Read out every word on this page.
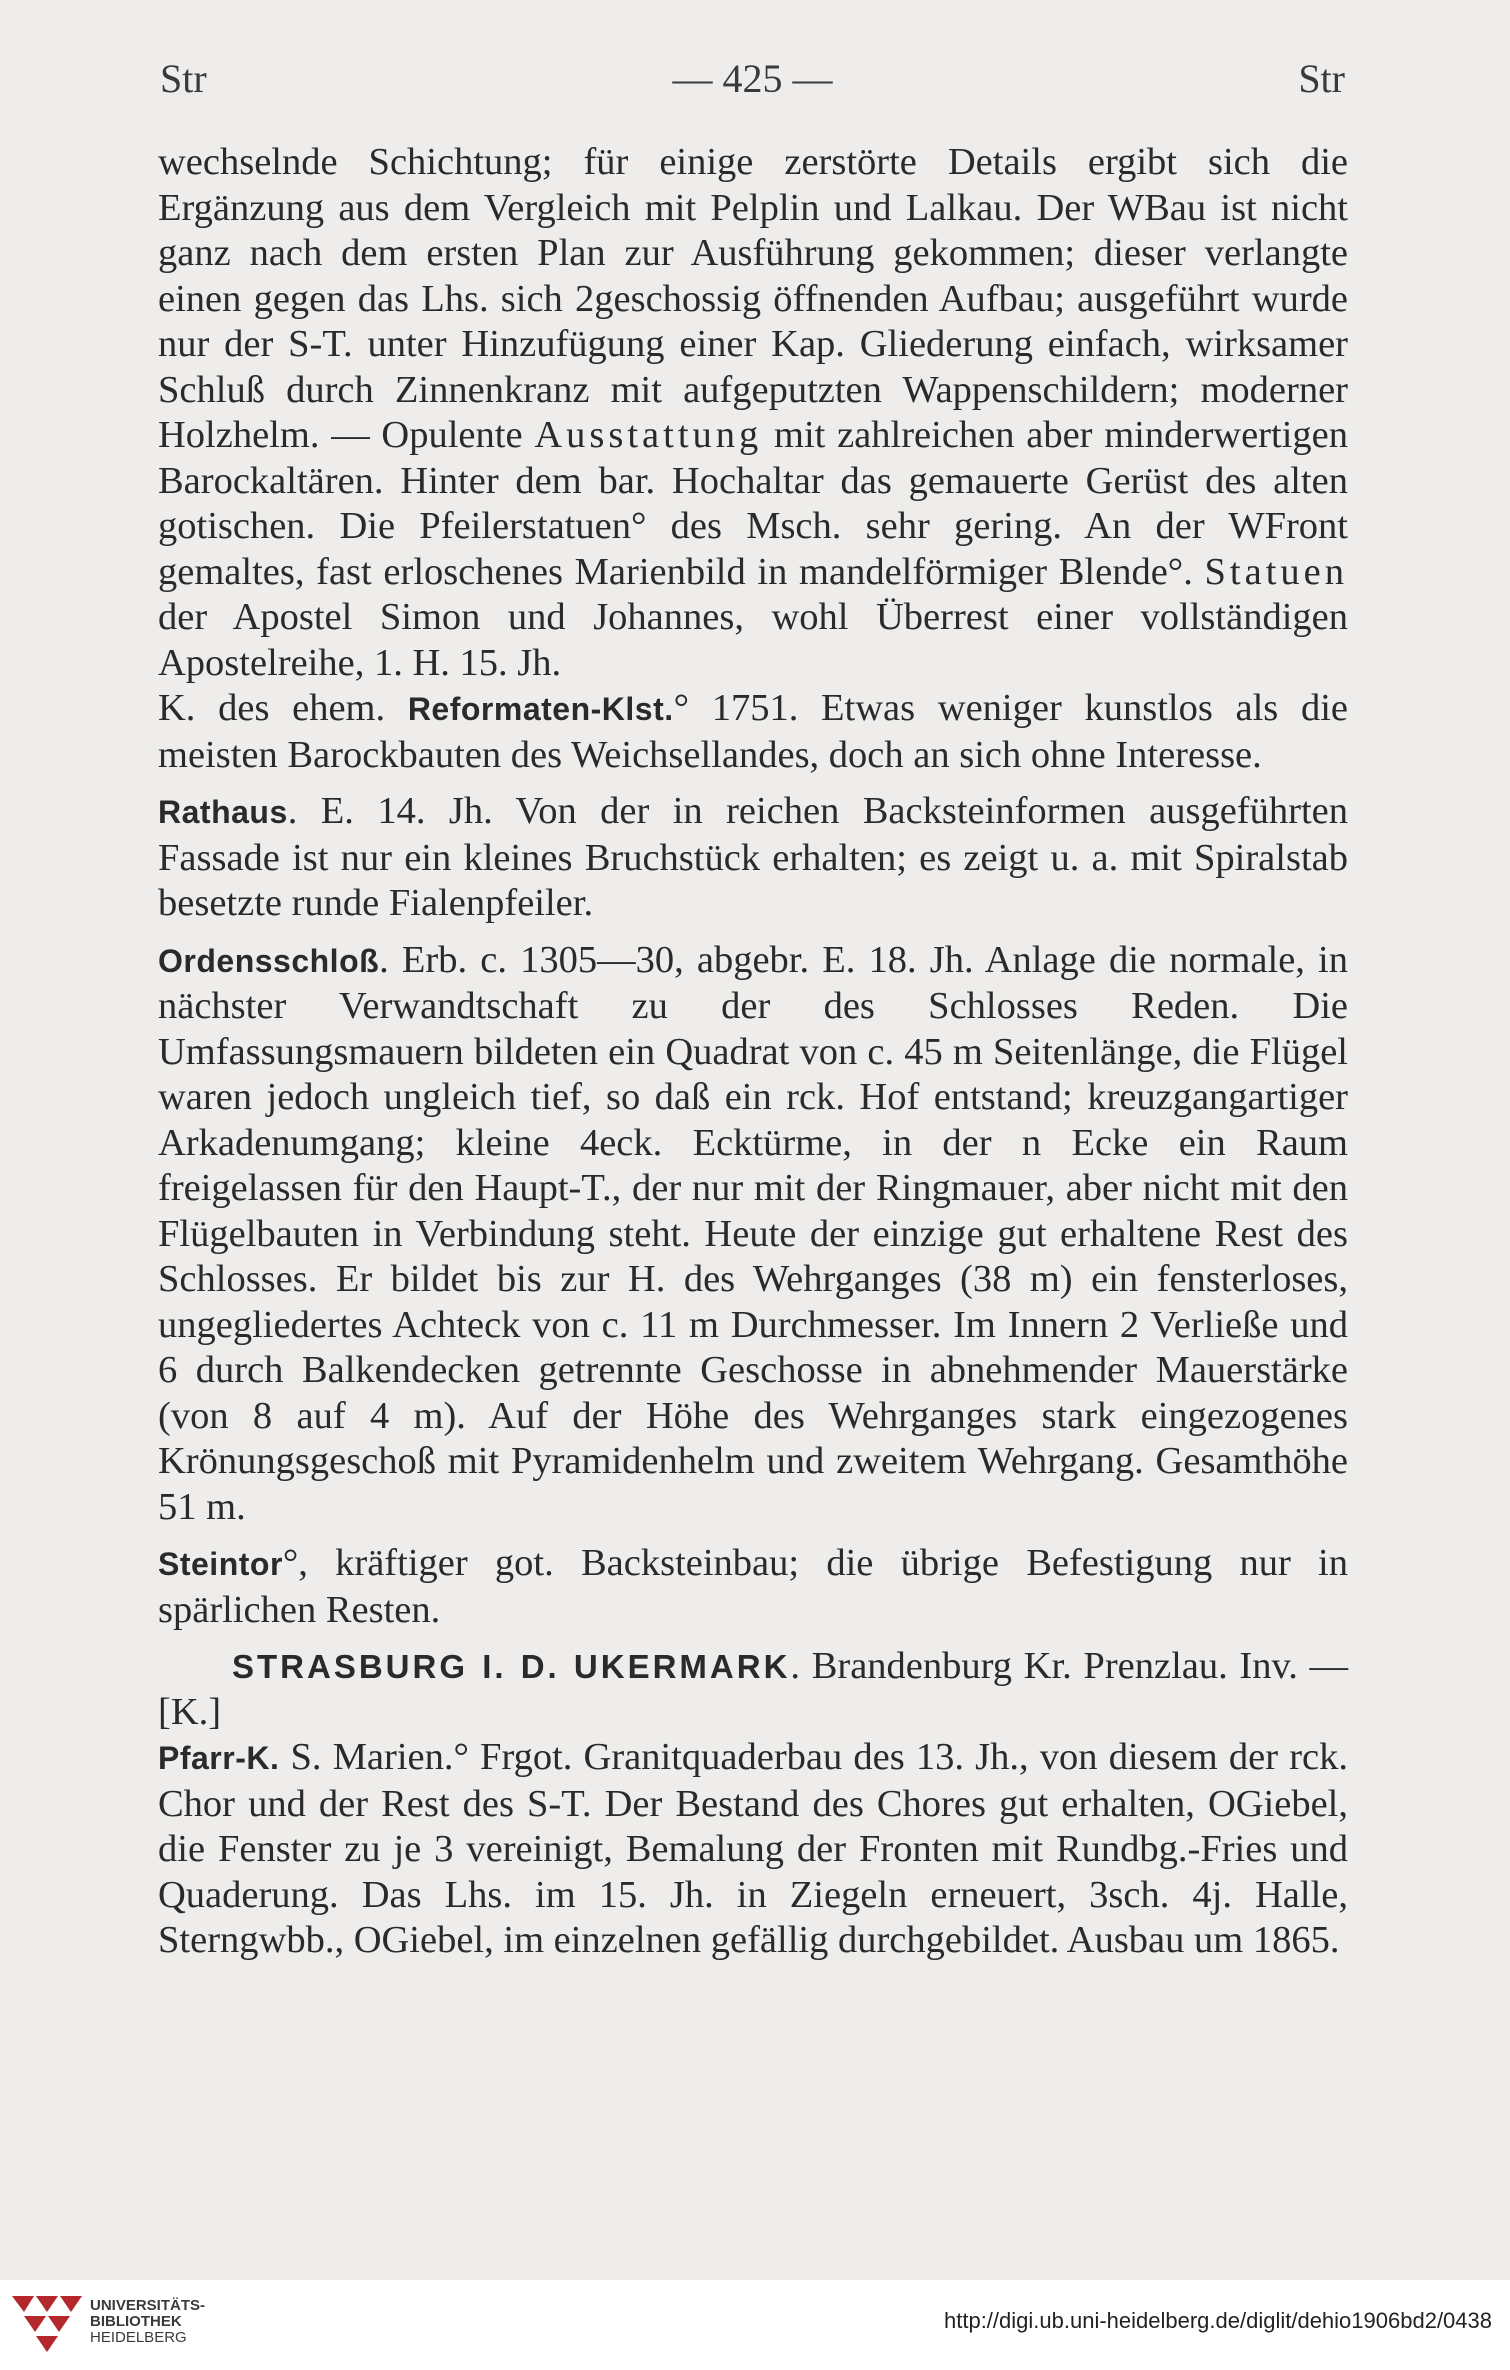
Str	— 425 —	Str

wechselnde Schichtung; für einige zerstörte Details ergibt sich die Ergänzung aus dem Vergleich mit Pelplin und Lalkau. Der WBau ist nicht ganz nach dem ersten Plan zur Ausführung gekommen; dieser verlangte einen gegen das Lhs. sich 2geschossig öffnenden Aufbau; ausgeführt wurde nur der S-T. unter Hinzufügung einer Kap. Gliederung einfach, wirksamer Schluß durch Zinnenkranz mit aufgeputzten Wappenschildern; moderner Holzhelm. — Opulente Ausstattung mit zahlreichen aber minderwertigen Barockaltären. Hinter dem bar. Hochaltar das gemauerte Gerüst des alten gotischen. Die Pfeilerstatuen° des Msch. sehr gering. An der WFront gemaltes, fast erloschenes Marienbild in mandelförmiger Blende°. Statuen der Apostel Simon und Johannes, wohl Überrest einer vollständigen Apostelreihe, 1. H. 15. Jh.

K. des ehem. Reformaten-Klst.° 1751. Etwas weniger kunstlos als die meisten Barockbauten des Weichsellandes, doch an sich ohne Interesse.

Rathaus. E. 14. Jh. Von der in reichen Backsteinformen ausgeführten Fassade ist nur ein kleines Bruchstück erhalten; es zeigt u. a. mit Spiralstab besetzte runde Fialenpfeiler.

Ordensschloß. Erb. c. 1305—30, abgebr. E. 18. Jh. Anlage die normale, in nächster Verwandtschaft zu der des Schlosses Reden. Die Umfassungsmauern bildeten ein Quadrat von c. 45 m Seitenlänge, die Flügel waren jedoch ungleich tief, so daß ein rck. Hof entstand; kreuzgangartiger Arkadenumgang; kleine 4eck. Ecktürme, in der n Ecke ein Raum freigelassen für den Haupt-T., der nur mit der Ringmauer, aber nicht mit den Flügelbauten in Verbindung steht. Heute der einzige gut erhaltene Rest des Schlosses. Er bildet bis zur H. des Wehrganges (38 m) ein fensterloses, ungegliedertes Achteck von c. 11 m Durchmesser. Im Innern 2 Verließe und 6 durch Balkendecken getrennte Geschosse in abnehmender Mauerstärke (von 8 auf 4 m). Auf der Höhe des Wehrganges stark eingezogenes Krönungsgeschoß mit Pyramidenhelm und zweitem Wehrgang. Gesamthöhe 51 m.

Steintor°, kräftiger got. Backsteinbau; die übrige Befestigung nur in spärlichen Resten.

STRASBURG I. D. UKERMARK. Brandenburg Kr. Prenzlau. Inv. — [K.]

Pfarr-K. S. Marien.° Frgot. Granitquaderbau des 13. Jh., von diesem der rck. Chor und der Rest des S-T. Der Bestand des Chores gut erhalten, OGiebel, die Fenster zu je 3 vereinigt, Bemalung der Fronten mit Rundbg.-Fries und Quaderung. Das Lhs. im 15. Jh. in Ziegeln erneuert, 3sch. 4j. Halle, Sterngwbb., OGiebel, im einzelnen gefällig durchgebildet. Ausbau um 1865.

UNIVERSITÄTS-
BIBLIOTHEK
HEIDELBERG
http://digi.ub.uni-heidelberg.de/diglit/dehio1906bd2/0438
